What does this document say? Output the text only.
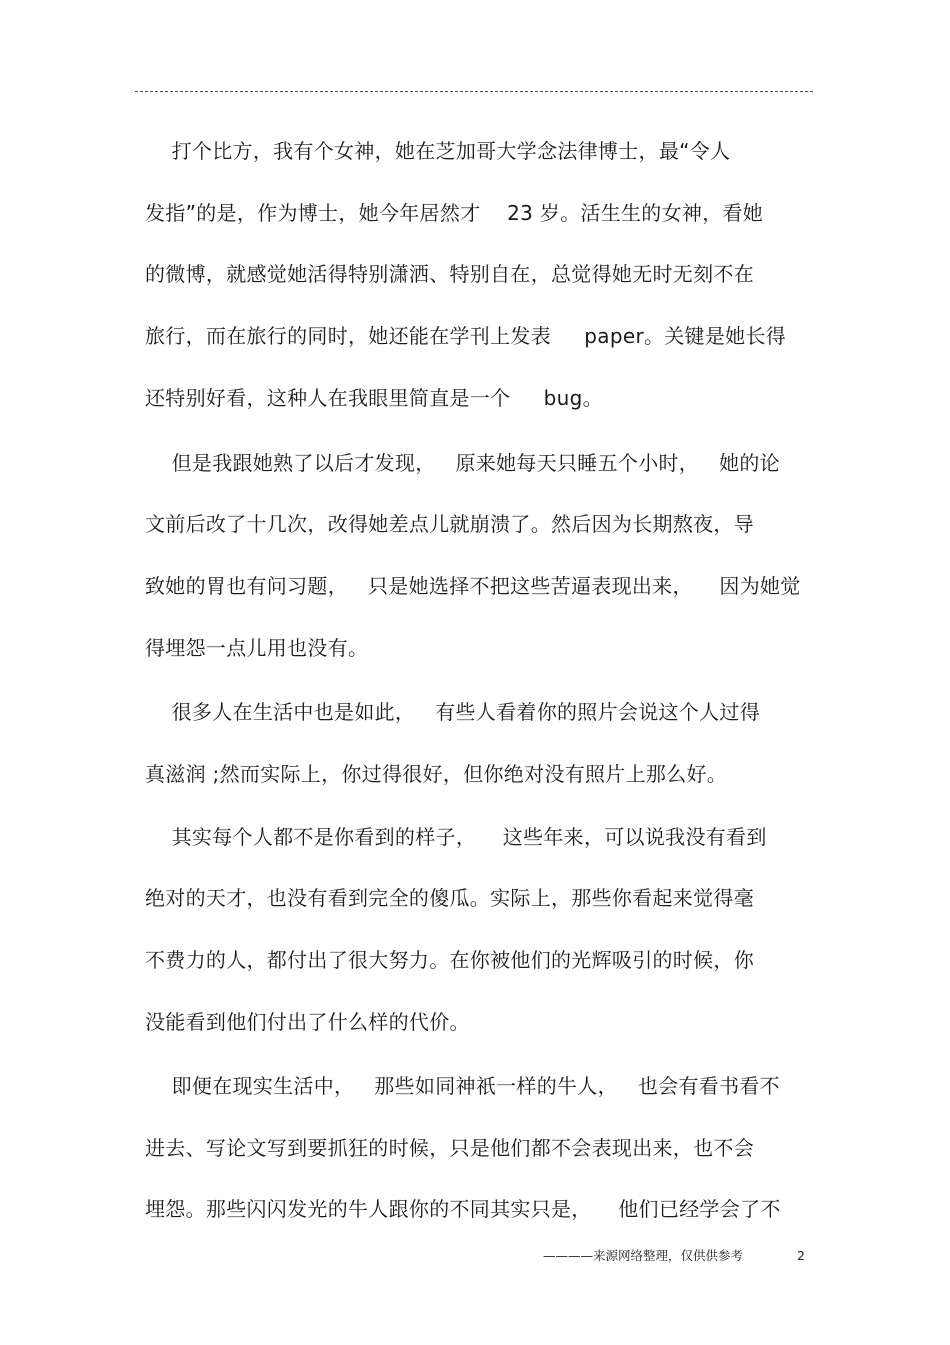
打个比方，我有个女神，她在芝加哥大学念法律博士，最“令人
发指”的是，作为博士，她今年居然才    23 岁。活生生的女神，看她
的微博，就感觉她活得特别潇洒、特别自在，总觉得她无时无刻不在
旅行，而在旅行的同时，她还能在学刊上发表     paper。关键是她长得
还特别好看，这种人在我眼里简直是一个     bug。
但是我跟她熟了以后才发现，   原来她每天只睡五个小时，   她的论
文前后改了十几次，改得她差点儿就崩溃了。然后因为长期熬夜，导
致她的胃也有问习题，   只是她选择不把这些苦逼表现出来，    因为她觉
得埋怨一点儿用也没有。
很多人在生活中也是如此，   有些人看着你的照片会说这个人过得
真滋润 ;然而实际上，你过得很好，但你绝对没有照片上那么好。
其实每个人都不是你看到的样子，    这些年来，可以说我没有看到
绝对的天才，也没有看到完全的傻瓜。实际上，那些你看起来觉得毫
不费力的人，都付出了很大努力。在你被他们的光辉吸引的时候，你
没能看到他们付出了什么样的代价。
即便在现实生活中，   那些如同神祇一样的牛人，   也会有看书看不
进去、写论文写到要抓狂的时候，只是他们都不会表现出来，也不会
埋怨。那些闪闪发光的牛人跟你的不同其实只是，    他们已经学会了不
————来源网络整理，仅供供参考	2
